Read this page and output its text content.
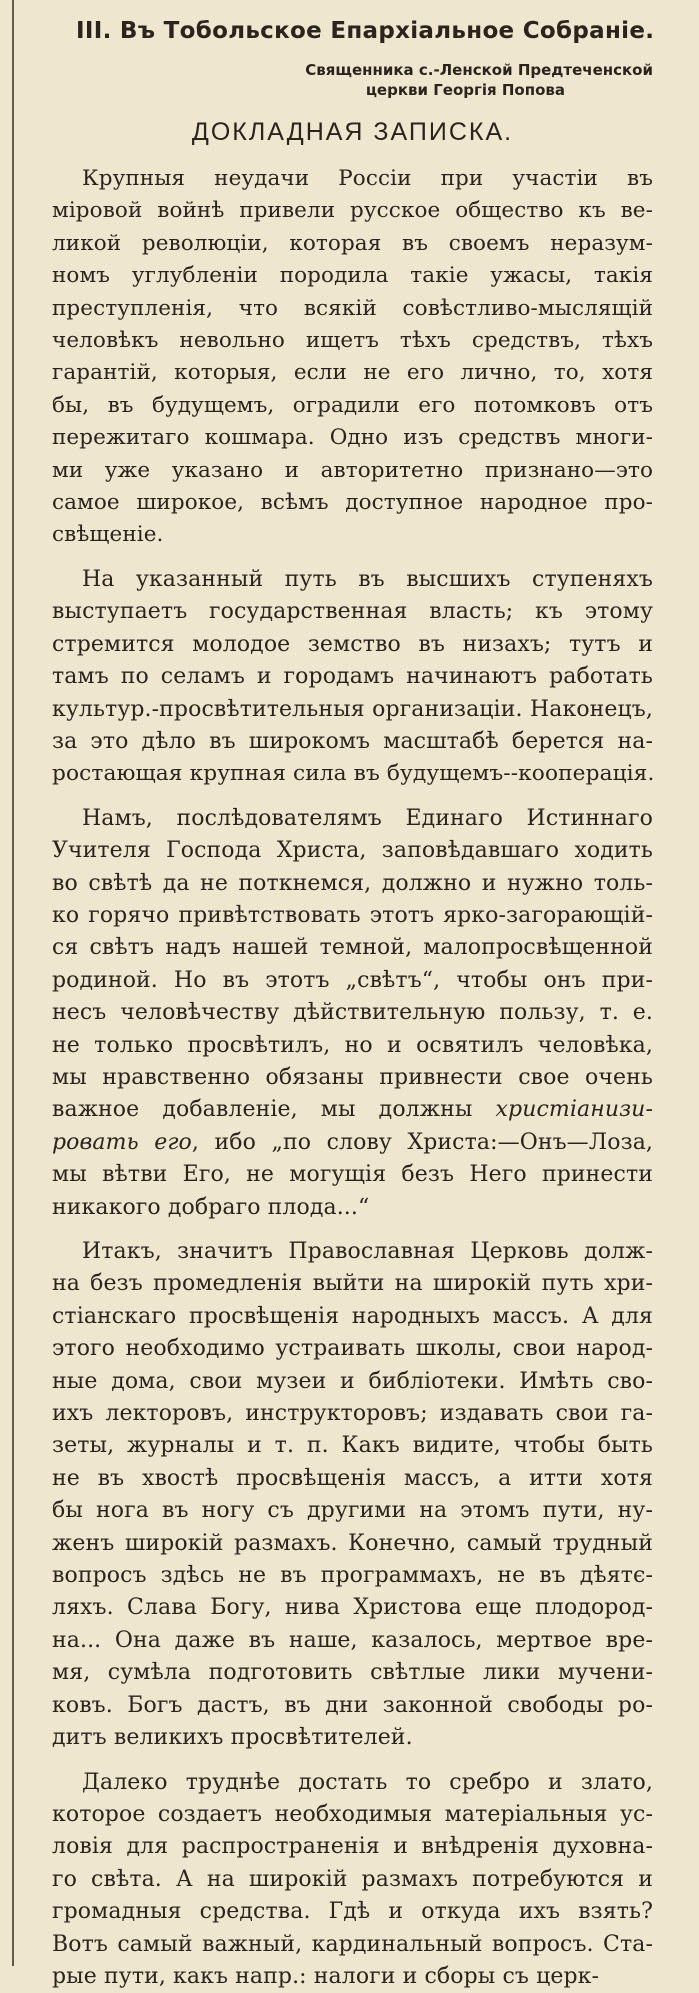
III. Въ Тобольское Епархіальное Собраніе.
Священника с.-Ленской Предтеченской
церкви Георгія Попова
ДОКЛАДНАЯ ЗАПИСКА.
Крупныя неудачи Россіи при участіи въ
міровой войнѣ привели русское общество къ ве-
ликой революціи, которая въ своемъ неразум-
номъ углубленіи породила такіе ужасы, такія
преступленія, что всякій совѣстливо-мыслящій
человѣкъ невольно ищетъ тѣхъ средствъ, тѣхъ
гарантій, которыя, если не его лично, то, хотя
бы, въ будущемъ, оградили его потомковъ отъ
пережитаго кошмара. Одно изъ средствъ многи-
ми уже указано и авторитетно признано—это
самое широкое, всѣмъ доступное народное про-
свѣщеніе.
На указанный путь въ высшихъ ступеняхъ
выступаетъ государственная власть; къ этому
стремится молодое земство въ низахъ; тутъ и
тамъ по селамъ и городамъ начинаютъ работать
культур.-просвѣтительныя организаціи. Наконецъ,
за это дѣло въ широкомъ масштабѣ берется на-
ростающая крупная сила въ будущемъ--кооперація.
Намъ, послѣдователямъ Единаго Истиннаго
Учителя Господа Христа, заповѣдавшаго ходить
во свѣтѣ да не поткнемся, должно и нужно толь-
ко горячо привѣтствовать этотъ ярко-загорающій-
ся свѣтъ надъ нашей темной, малопросвѣщенной
родиной. Но въ этотъ „свѣтъ“, чтобы онъ при-
несъ человѣчеству дѣйствительную пользу, т. е.
не только просвѣтилъ, но и освятилъ человѣка,
мы нравственно обязаны привнести свое очень
важное добавленіе, мы должны христіанизи-
ровать его, ибо „по слову Христа:—Онъ—Лоза,
мы вѣтви Его, не могущія безъ Него принести
никакого добраго плода...“
Итакъ, значитъ Православная Церковь долж-
на безъ промедленія выйти на широкій путь хри-
стіанскаго просвѣщенія народныхъ массъ. А для
этого необходимо устраивать школы, свои народ-
ные дома, свои музеи и библіотеки. Имѣть сво-
ихъ лекторовъ, инструкторовъ; издавать свои га-
зеты, журналы и т. п. Какъ видите, чтобы быть
не въ хвостѣ просвѣщенія массъ, а итти хотя
бы нога въ ногу съ другими на этомъ пути, ну-
женъ широкій размахъ. Конечно, самый трудный
вопросъ здѣсь не въ программахъ, не въ дѣятє-
ляхъ. Слава Богу, нива Христова еще плодород-
на... Она даже въ наше, казалось, мертвое вре-
мя, сумѣла подготовить свѣтлые лики мучени-
ковъ. Богъ дастъ, въ дни законной свободы ро-
дитъ великихъ просвѣтителей.
Далеко труднѣе достать то сребро и злато,
которое создаетъ необходимыя матеріальныя ус-
ловія для распространенія и внѣдренія духовна-
го свѣта. А на широкій размахъ потребуются и
громадныя средства. Гдѣ и откуда ихъ взять?
Вотъ самый важный, кардинальный вопросъ. Ста-
рые пути, какъ напр.: налоги и сборы съ церк-
